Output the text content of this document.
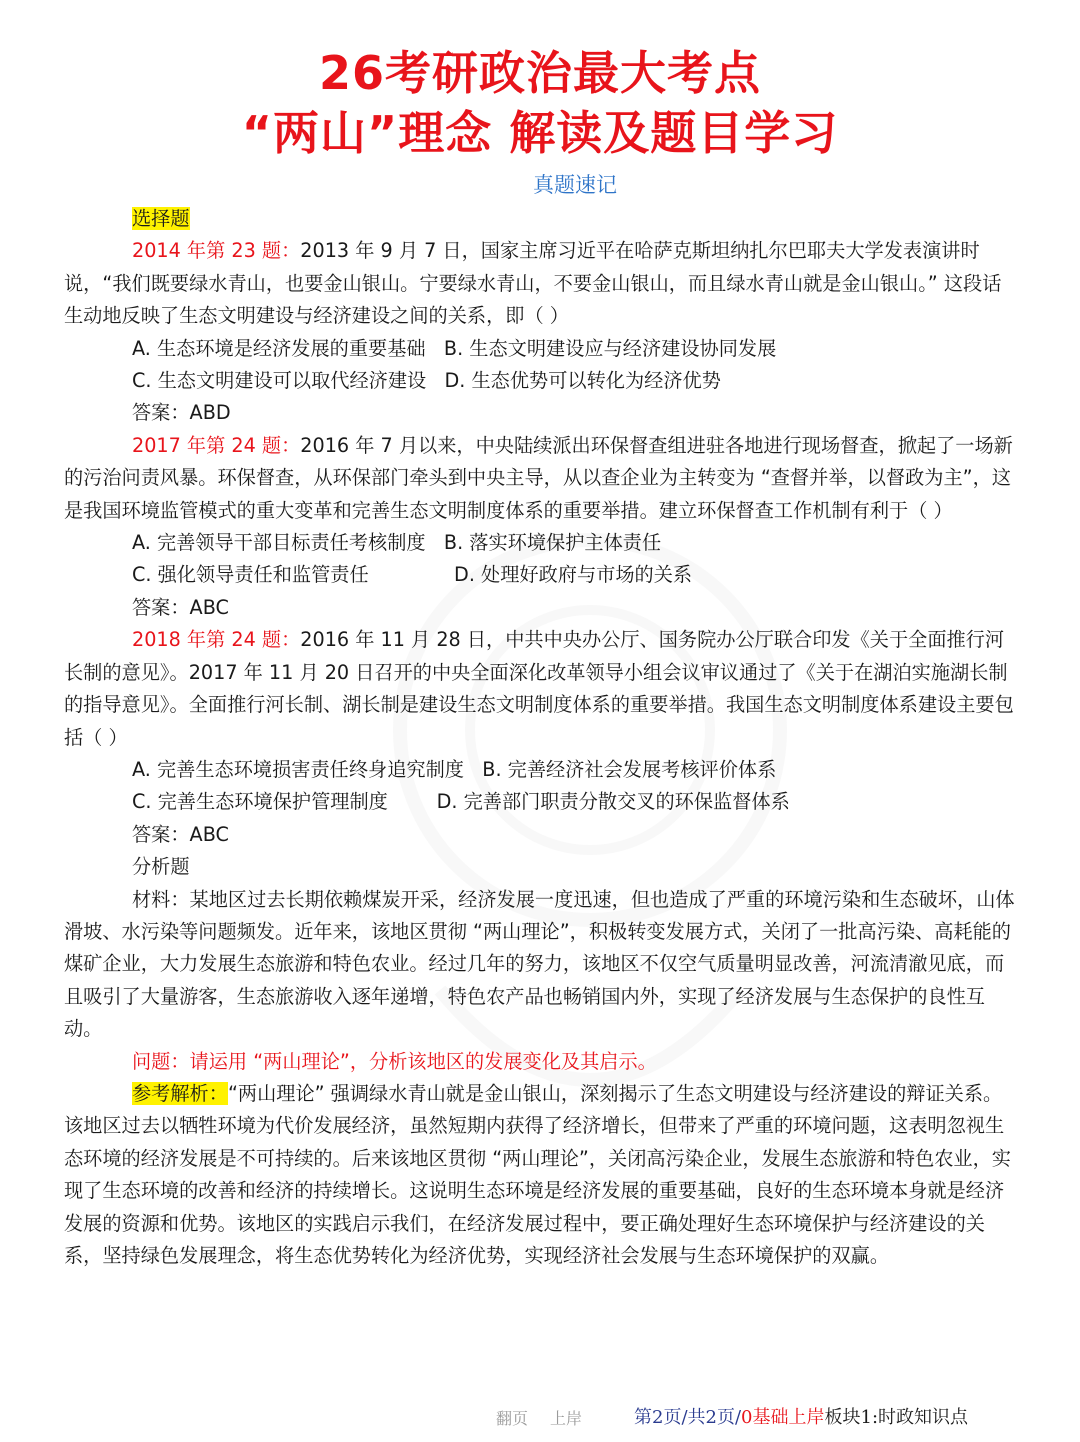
26考研政治最大考点
“两山”理念 解读及题目学习
真题速记

选择题

2014 年第 23 题：2013 年 9 月 7 日，国家主席习近平在哈萨克斯坦纳扎尔巴耶夫大学发表演讲时说，“我们既要绿水青山，也要金山银山。宁要绿水青山，不要金山银山，而且绿水青山就是金山银山。” 这段话生动地反映了生态文明建设与经济建设之间的关系，即（ ）

A. 生态环境是经济发展的重要基础   B. 生态文明建设应与经济建设协同发展

C. 生态文明建设可以取代经济建设   D. 生态优势可以转化为经济优势

答案：ABD

2017 年第 24 题：2016 年 7 月以来，中央陆续派出环保督查组进驻各地进行现场督查，掀起了一场新的污治问责风暴。环保督查，从环保部门牵头到中央主导，从以查企业为主转变为 “查督并举，以督政为主”，这是我国环境监管模式的重大变革和完善生态文明制度体系的重要举措。建立环保督查工作机制有利于（ ）

A. 完善领导干部目标责任考核制度   B. 落实环境保护主体责任

C. 强化领导责任和监管责任              D. 处理好政府与市场的关系

答案：ABC

2018 年第 24 题：2016 年 11 月 28 日，中共中央办公厅、国务院办公厅联合印发《关于全面推行河长制的意见》。2017 年 11 月 20 日召开的中央全面深化改革领导小组会议审议通过了《关于在湖泊实施湖长制的指导意见》。全面推行河长制、湖长制是建设生态文明制度体系的重要举措。我国生态文明制度体系建设主要包括（ ）

A. 完善生态环境损害责任终身追究制度   B. 完善经济社会发展考核评价体系

C. 完善生态环境保护管理制度        D. 完善部门职责分散交叉的环保监督体系

答案：ABC

分析题

材料：某地区过去长期依赖煤炭开采，经济发展一度迅速，但也造成了严重的环境污染和生态破坏，山体滑坡、水污染等问题频发。近年来，该地区贯彻 “两山理论”，积极转变发展方式，关闭了一批高污染、高耗能的煤矿企业，大力发展生态旅游和特色农业。经过几年的努力，该地区不仅空气质量明显改善，河流清澈见底，而且吸引了大量游客，生态旅游收入逐年递增，特色农产品也畅销国内外，实现了经济发展与生态保护的良性互动。

问题：请运用 “两山理论”，分析该地区的发展变化及其启示。

参考解析：“两山理论” 强调绿水青山就是金山银山，深刻揭示了生态文明建设与经济建设的辩证关系。该地区过去以牺牲环境为代价发展经济，虽然短期内获得了经济增长，但带来了严重的环境问题，这表明忽视生态环境的经济发展是不可持续的。后来该地区贯彻 “两山理论”，关闭高污染企业，发展生态旅游和特色农业，实现了生态环境的改善和经济的持续增长。这说明生态环境是经济发展的重要基础，良好的生态环境本身就是经济发展的资源和优势。该地区的实践启示我们，在经济发展过程中，要正确处理好生态环境保护与经济建设的关系，坚持绿色发展理念，将生态优势转化为经济优势，实现经济社会发展与生态环境保护的双赢。

翻页 上岸	第2页/共2页/0基础上岸板块1:时政知识点
